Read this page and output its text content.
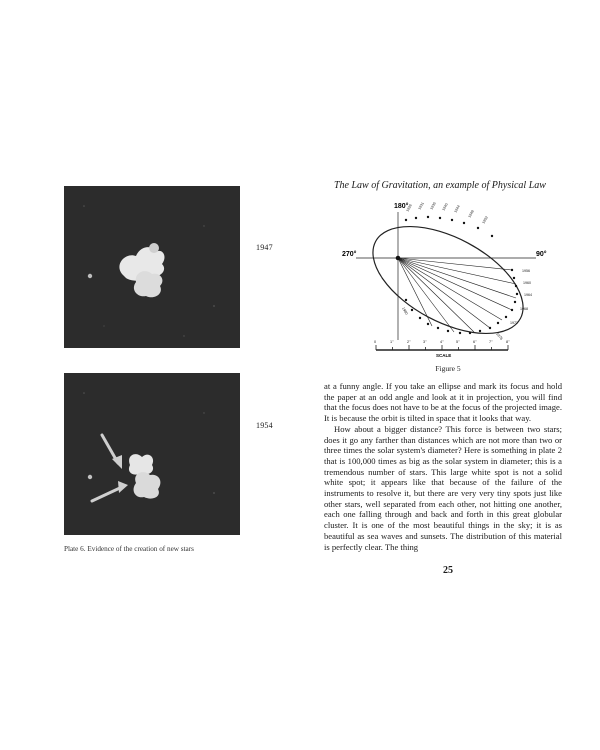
1947
1954
Plate 6. Evidence of the creation of new stars
The Law of Gravitation, an example of Physical Law
180°
270°	90°
1926 1931 1935 1940 1944
1948
1952
1956
1960
1964
1968
1972
1976
1980
0	1"	2"	3"	4"	5"	6"	7"	8"
SCALE
Figure 5

at a funny angle. If you take an ellipse and mark its focus and hold the paper at an odd angle and look at it in projection, you will find that the focus does not have to be at the focus of the projected image. It is because the orbit is tilted in space that it looks that way.

How about a bigger distance? This force is between two stars; does it go any farther than distances which are not more than two or three times the solar system's diameter? Here is something in plate 2 that is 100,000 times as big as the solar system in diameter; this is a tremendous number of stars. This large white spot is not a solid white spot; it appears like that because of the failure of the instruments to resolve it, but there are very very tiny spots just like other stars, well separated from each other, not hitting one another, each one falling through and back and forth in this great globular cluster. It is one of the most beautiful things in the sky; it is as beautiful as sea waves and sunsets. The distribution of this material is perfectly clear. The thing

25
